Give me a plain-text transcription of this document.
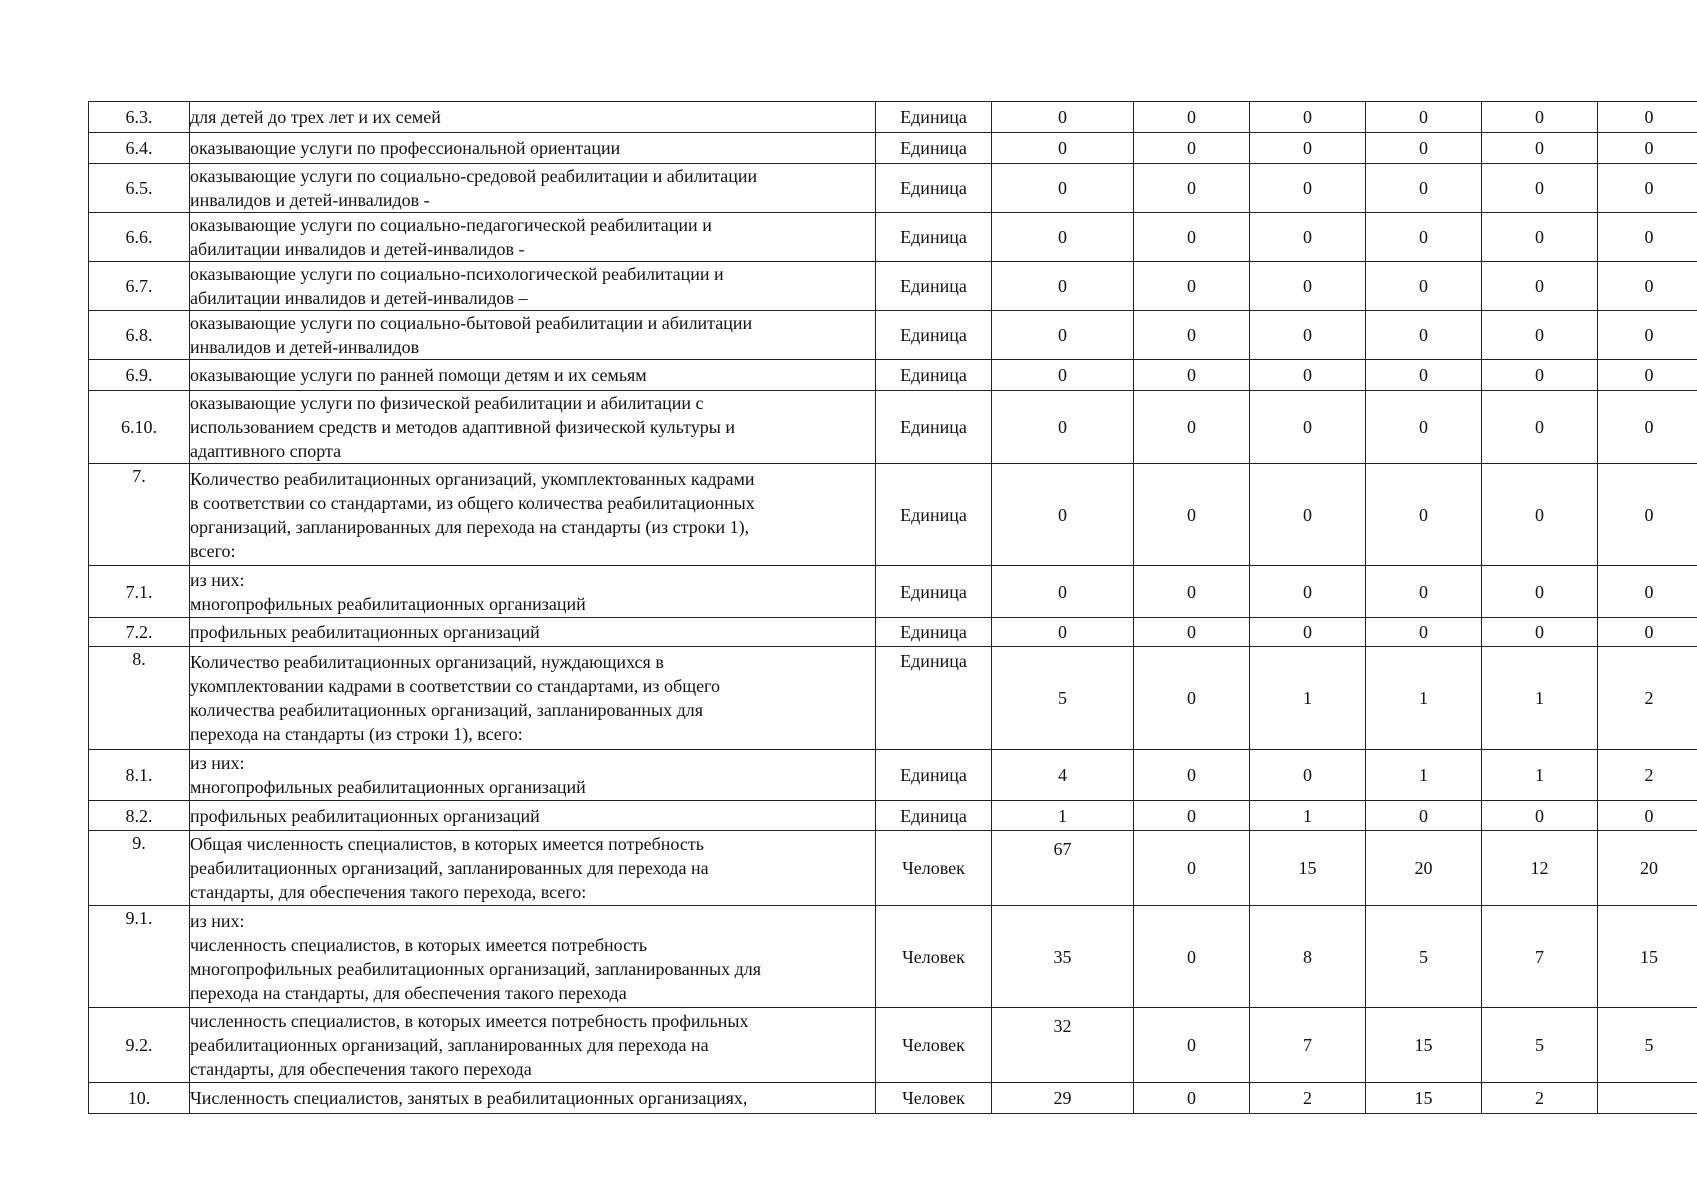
6.3.	для детей до трех лет и их семей	Единица	0	0	0	0	0	0
6.4.	оказывающие услуги по профессиональной ориентации	Единица	0	0	0	0	0	0
6.5.	оказывающие услуги по социально-средовой реабилитации и абилитации
инвалидов и детей-инвалидов -	Единица	0	0	0	0	0	0
6.6.	оказывающие услуги по социально-педагогической реабилитации и
абилитации инвалидов и детей-инвалидов -	Единица	0	0	0	0	0	0
6.7.	оказывающие услуги по социально-психологической реабилитации и
абилитации инвалидов и детей-инвалидов –	Единица	0	0	0	0	0	0
6.8.	оказывающие услуги по социально-бытовой реабилитации и абилитации
инвалидов и детей-инвалидов	Единица	0	0	0	0	0	0
6.9.	оказывающие услуги по ранней помощи детям и их семьям	Единица	0	0	0	0	0	0
6.10.	оказывающие услуги по физической реабилитации и абилитации с
использованием средств и методов адаптивной физической культуры и
адаптивного спорта	Единица	0	0	0	0	0	0
7.	Количество реабилитационных организаций, укомплектованных кадрами
в соответствии со стандартами, из общего количества реабилитационных
организаций, запланированных для перехода на стандарты (из строки 1),
всего:	Единица	0	0	0	0	0	0
7.1.	из них:
многопрофильных реабилитационных организаций	Единица	0	0	0	0	0	0
7.2.	профильных реабилитационных организаций	Единица	0	0	0	0	0	0
8.	Количество реабилитационных организаций, нуждающихся в
укомплектовании кадрами в соответствии со стандартами, из общего
количества реабилитационных организаций, запланированных для
перехода на стандарты (из строки 1), всего:	Единица	5	0	1	1	1	2
8.1.	из них:
многопрофильных реабилитационных организаций	Единица	4	0	0	1	1	2
8.2.	профильных реабилитационных организаций	Единица	1	0	1	0	0	0
9.	Общая численность специалистов, в которых имеется потребность
реабилитационных организаций, запланированных для перехода на
стандарты, для обеспечения такого перехода, всего:	Человек	67	0	15	20	12	20
9.1.	из них:
численность специалистов, в которых имеется потребность
многопрофильных реабилитационных организаций, запланированных для
перехода на стандарты, для обеспечения такого перехода	Человек	35	0	8	5	7	15
9.2.	численность специалистов, в которых имеется потребность профильных
реабилитационных организаций, запланированных для перехода на
стандарты, для обеспечения такого перехода	Человек	32	0	7	15	5	5
10.	Численность специалистов, занятых в реабилитационных организациях,	Человек	29	0	2	15	2	
